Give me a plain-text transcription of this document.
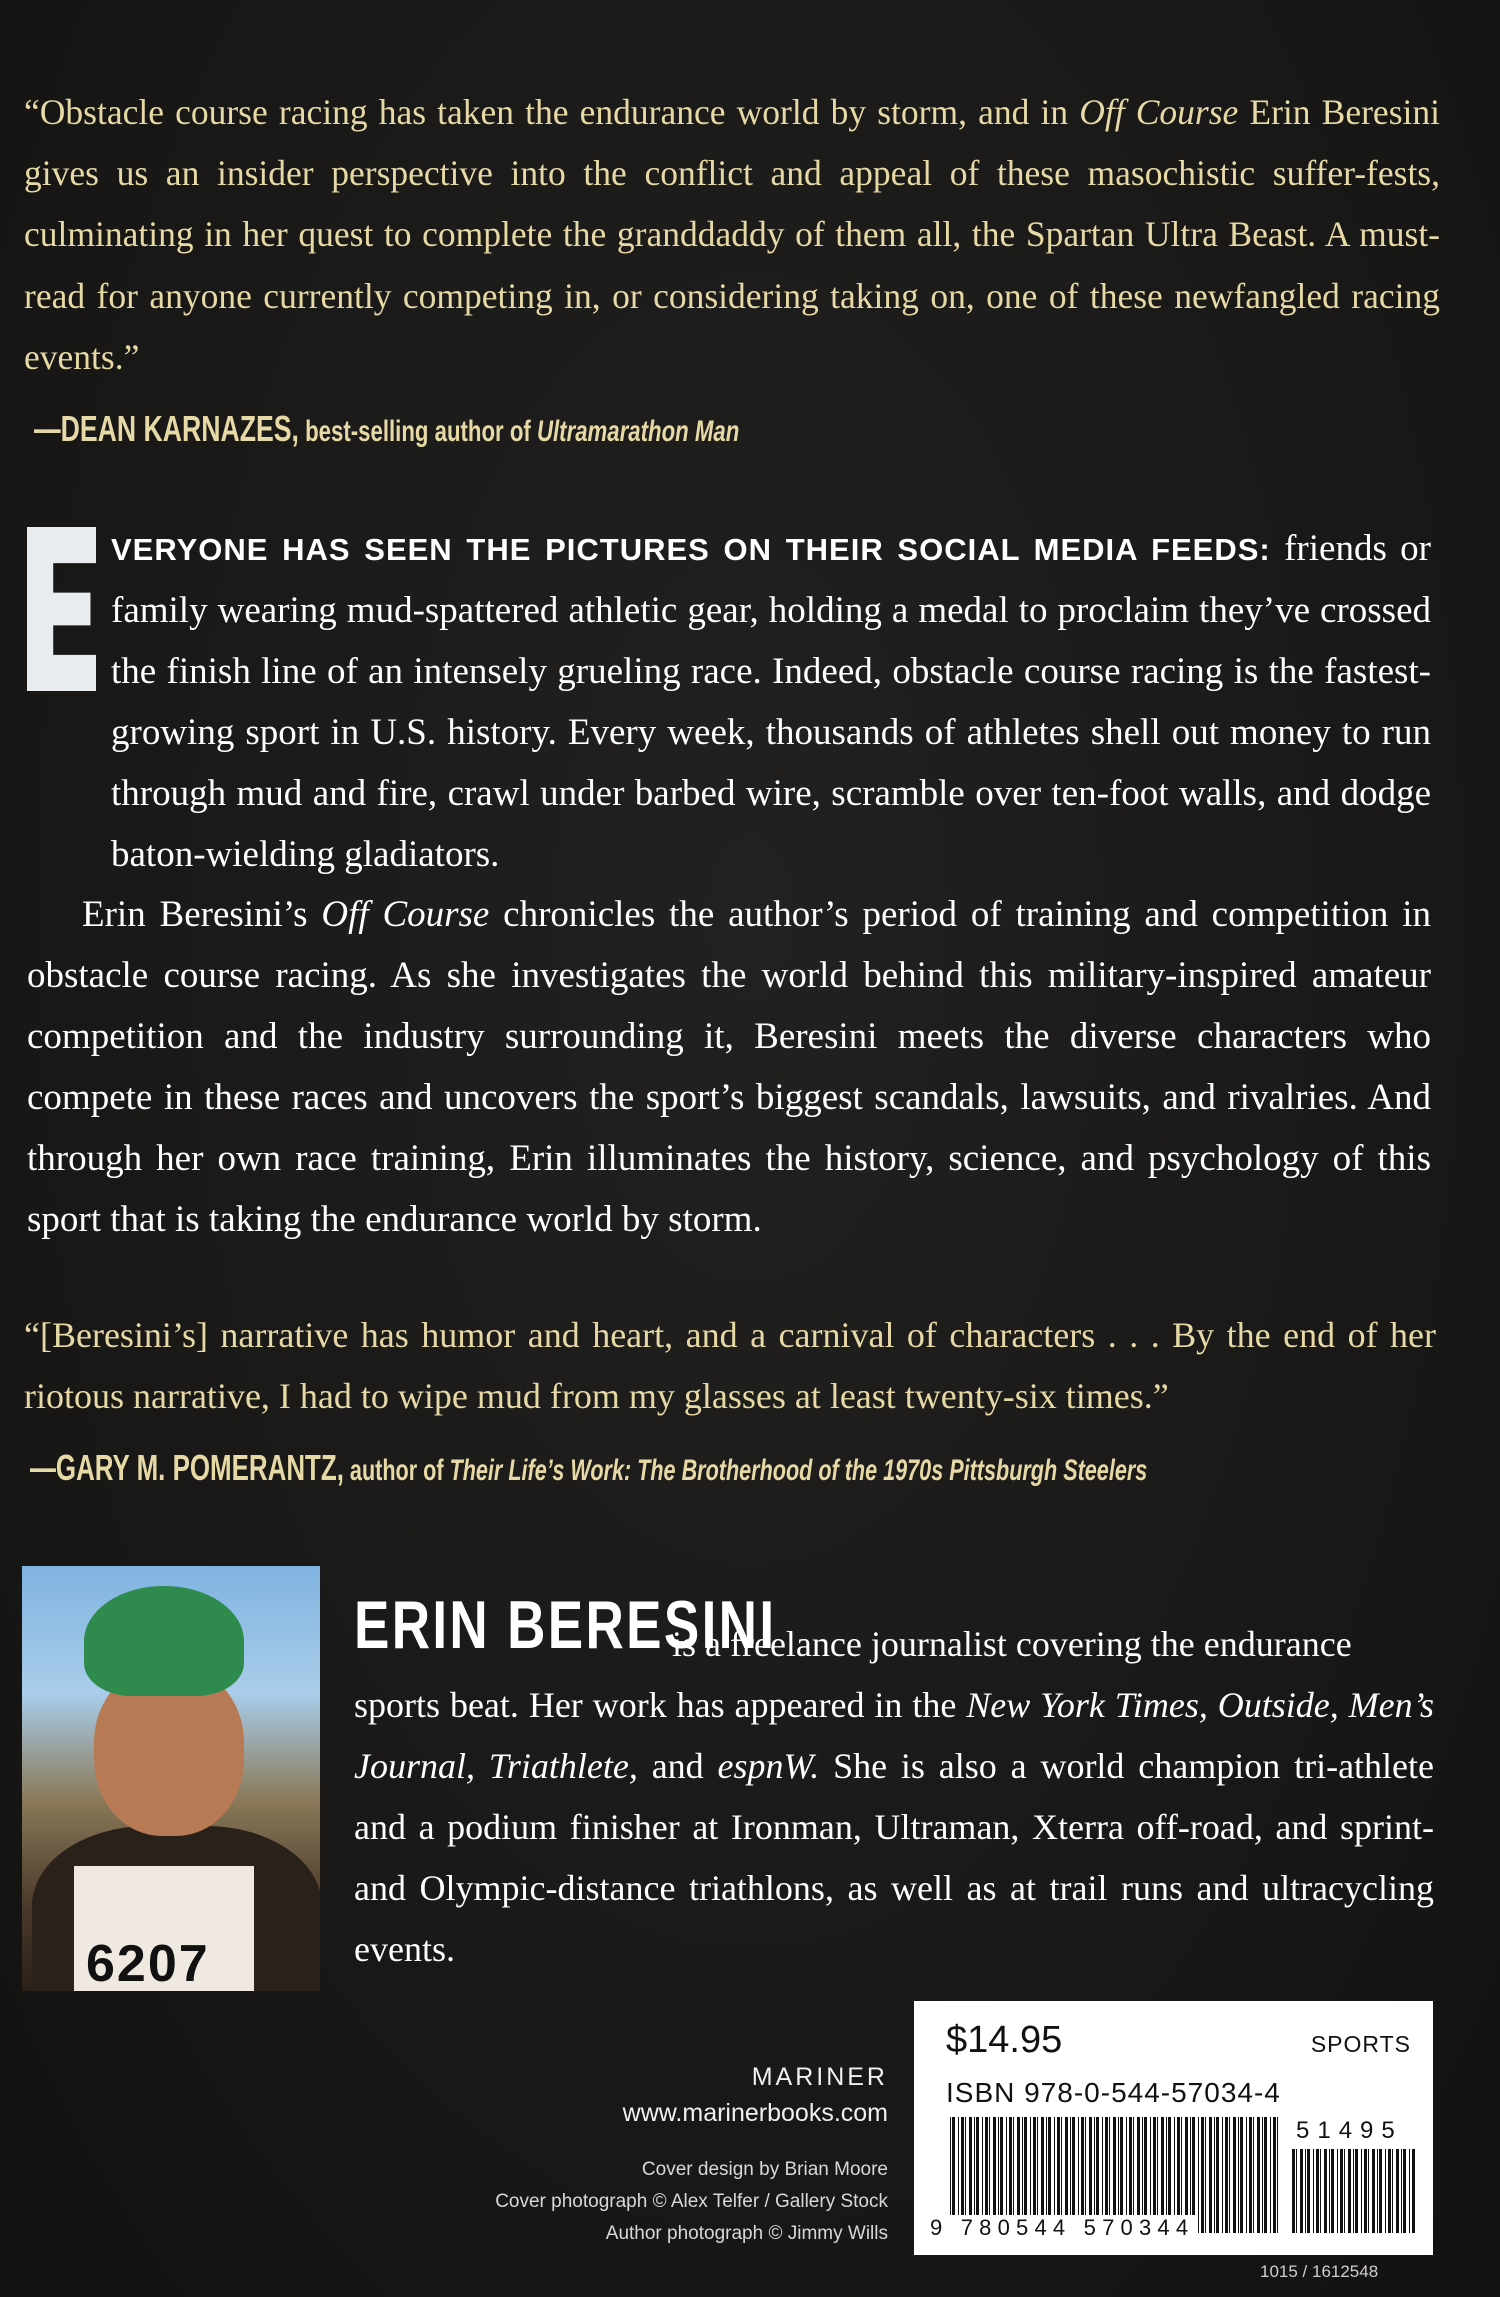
“Obstacle course racing has taken the endurance world by storm, and in Off Course Erin Beresini gives us an insider perspective into the conflict and appeal of these masochistic suffer-fests, culminating in her quest to complete the granddaddy of them all, the Spartan Ultra Beast. A must-read for anyone currently competing in, or considering taking on, one of these newfangled racing events.”
—DEAN KARNAZES, best-selling author of Ultramarathon Man
VERYONE HAS SEEN THE PICTURES ON THEIR SOCIAL MEDIA FEEDS: friends or family wearing mud-spattered athletic gear, holding a medal to proclaim they’ve crossed the finish line of an intensely grueling race. Indeed, obstacle course racing is the fastest-growing sport in U.S. history. Every week, thousands of athletes shell out money to run through mud and fire, crawl under barbed wire, scramble over ten-foot walls, and dodge baton-wielding gladiators.
Erin Beresini’s Off Course chronicles the author’s period of training and competition in obstacle course racing. As she investigates the world behind this military-inspired amateur competition and the industry surrounding it, Beresini meets the diverse characters who compete in these races and uncovers the sport’s biggest scandals, lawsuits, and rivalries. And through her own race training, Erin illuminates the history, science, and psychology of this sport that is taking the endurance world by storm.
“[Beresini’s] narrative has humor and heart, and a carnival of characters . . . By the end of her riotous narrative, I had to wipe mud from my glasses at least twenty-six times.”
—GARY M. POMERANTZ, author of Their Life’s Work: The Brotherhood of the 1970s Pittsburgh Steelers
6207
ERIN BERESINI
is a freelance journalist covering the endurance
sports beat. Her work has appeared in the New York Times, Outside, Men’s Journal, Triathlete, and espnW. She is also a world champion tri-athlete and a podium finisher at Ironman, Ultraman, Xterra off-road, and sprint- and Olympic-distance triathlons, as well as at trail runs and ultracycling events.
MARINER
www.marinerbooks.com
Cover design by Brian Moore
Cover photograph © Alex Telfer / Gallery Stock
Author photograph © Jimmy Wills
$14.95	SPORTS
ISBN 978-0-544-57034-4
51495
9 780544 570344
1015 / 1612548
